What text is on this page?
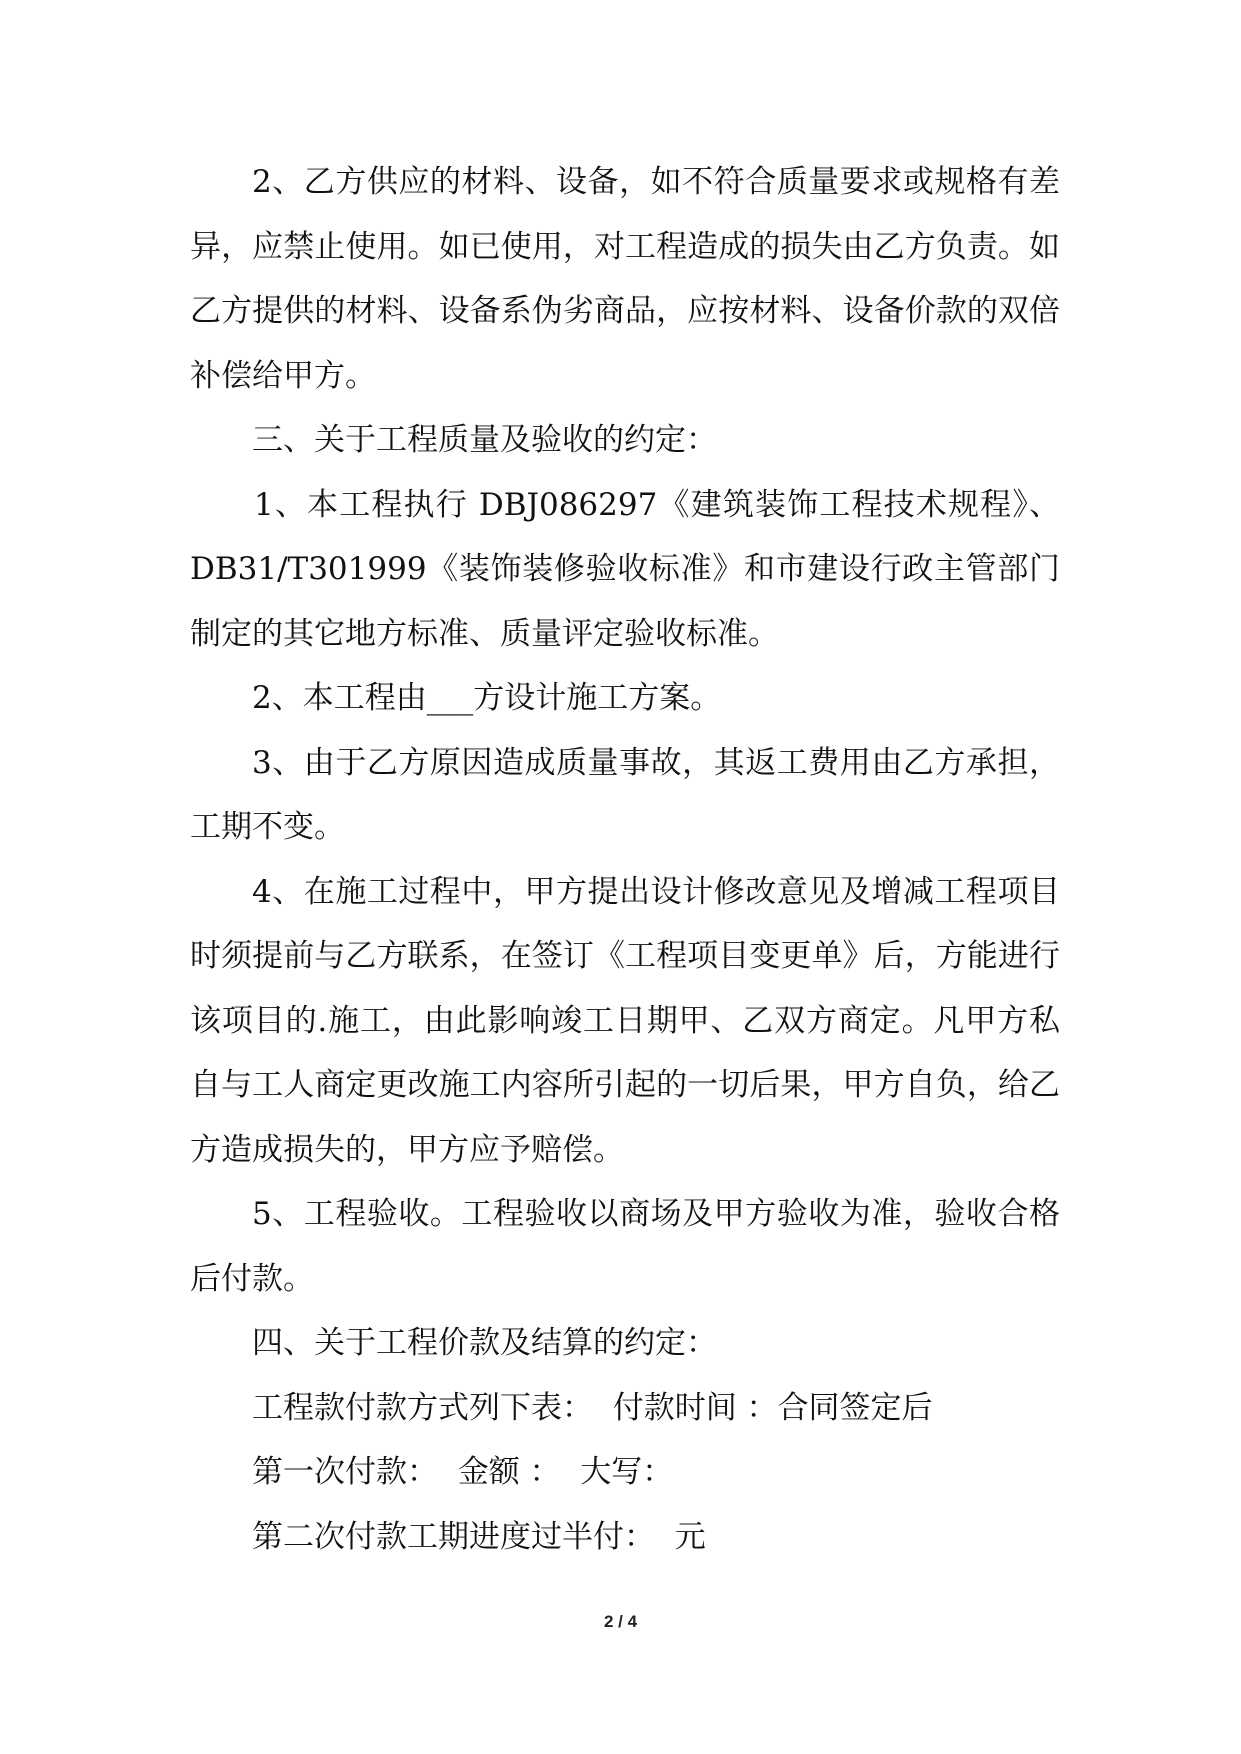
2、乙方供应的材料、设备，如不符合质量要求或规格有差异，应禁止使用。如已使用，对工程造成的损失由乙方负责。如乙方提供的材料、设备系伪劣商品，应按材料、设备价款的双倍补偿给甲方。

三、关于工程质量及验收的约定：

1、本工程执行 DBJ086297《建筑装饰工程技术规程》、DB31/T301999《装饰装修验收标准》和市建设行政主管部门制定的其它地方标准、质量评定验收标准。

2、本工程由___方设计施工方案。

3、由于乙方原因造成质量事故，其返工费用由乙方承担，工期不变。

4、在施工过程中，甲方提出设计修改意见及增减工程项目时须提前与乙方联系，在签订《工程项目变更单》后，方能进行该项目的.施工，由此影响竣工日期甲、乙双方商定。凡甲方私自与工人商定更改施工内容所引起的一切后果，甲方自负，给乙方造成损失的，甲方应予赔偿。

5、工程验收。工程验收以商场及甲方验收为准，验收合格后付款。

四、关于工程价款及结算的约定：

工程款付款方式列下表：  付款时间 ：合同签定后

第一次付款：  金额 ：  大写：

第二次付款工期进度过半付：  元

2 / 4
